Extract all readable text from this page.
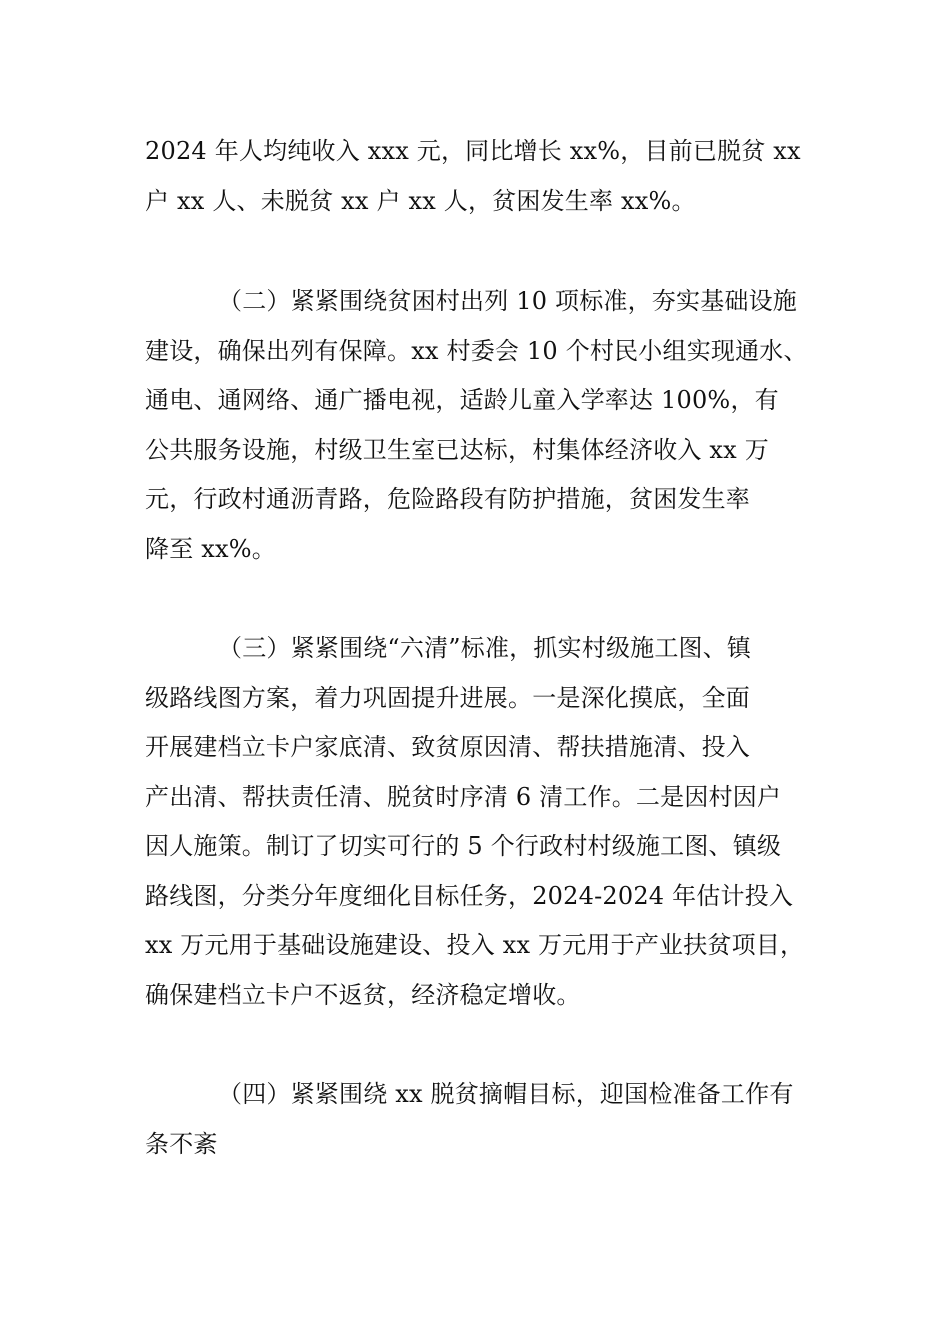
2024 年人均纯收入 xxx 元，同比增长 xx%，目前已脱贫 xx
户 xx 人、未脱贫 xx 户 xx 人，贫困发生率 xx%。
（二）紧紧围绕贫困村出列 10 项标准，夯实基础设施
建设，确保出列有保障。xx 村委会 10 个村民小组实现通水、
通电、通网络、通广播电视，适龄儿童入学率达 100%，有
公共服务设施，村级卫生室已达标，村集体经济收入 xx 万
元，行政村通沥青路，危险路段有防护措施，贫困发生率
降至 xx%。
（三）紧紧围绕“六清”标准，抓实村级施工图、镇
级路线图方案，着力巩固提升进展。一是深化摸底，全面
开展建档立卡户家底清、致贫原因清、帮扶措施清、投入
产出清、帮扶责任清、脱贫时序清 6 清工作。二是因村因户
因人施策。制订了切实可行的 5 个行政村村级施工图、镇级
路线图，分类分年度细化目标任务，2024-2024 年估计投入
xx 万元用于基础设施建设、投入 xx 万元用于产业扶贫项目，
确保建档立卡户不返贫，经济稳定增收。
（四）紧紧围绕 xx 脱贫摘帽目标，迎国检准备工作有
条不紊
